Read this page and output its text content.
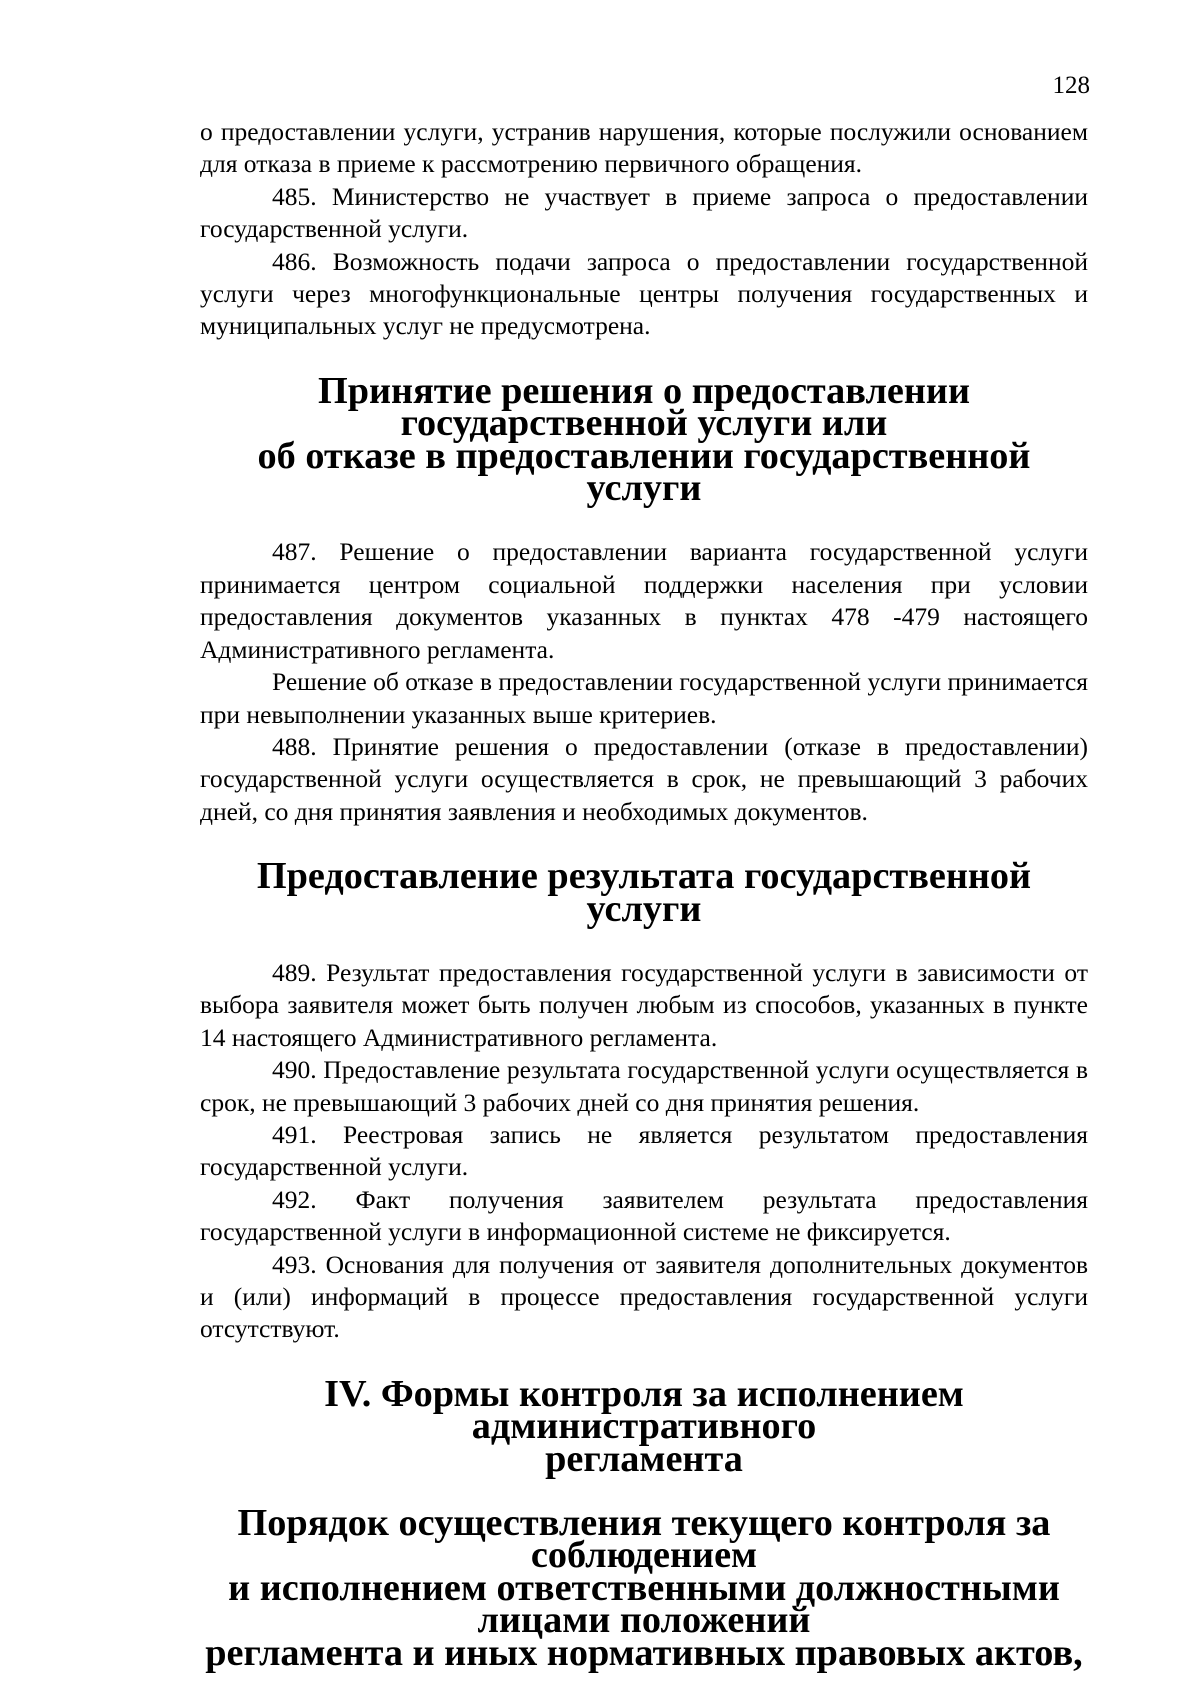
128

о предоставлении услуги, устранив нарушения, которые послужили основанием для отказа в приеме к рассмотрению первичного обращения.

485. Министерство не участвует в приеме запроса о предоставлении государственной услуги.

486. Возможность подачи запроса о предоставлении государственной услуги через многофункциональные центры получения государственных и муниципальных услуг не предусмотрена.

Принятие решения о предоставлении государственной услуги или
об отказе в предоставлении государственной услуги

487. Решение о предоставлении варианта государственной услуги принимается центром социальной поддержки населения при условии предоставления документов указанных в пунктах 478 -479 настоящего Административного регламента.

Решение об отказе в предоставлении государственной услуги принимается при невыполнении указанных выше критериев.

488. Принятие решения о предоставлении (отказе в предоставлении) государственной услуги осуществляется в срок, не превышающий 3 рабочих дней, со дня принятия заявления и необходимых документов.

Предоставление результата государственной услуги

489. Результат предоставления государственной услуги в зависимости от выбора заявителя может быть получен любым из способов, указанных в пункте 14 настоящего Административного регламента.

490. Предоставление результата государственной услуги осуществляется в срок, не превышающий 3 рабочих дней со дня принятия решения.

491. Реестровая запись не является результатом предоставления государственной услуги.

492. Факт получения заявителем результата предоставления государственной услуги в информационной системе не фиксируется.

493. Основания для получения от заявителя дополнительных документов и (или) информаций в процессе предоставления государственной услуги отсутствуют.

IV. Формы контроля за исполнением административного
регламента
Порядок осуществления текущего контроля за соблюдением
и исполнением ответственными должностными лицами положений
регламента и иных нормативных правовых актов,
